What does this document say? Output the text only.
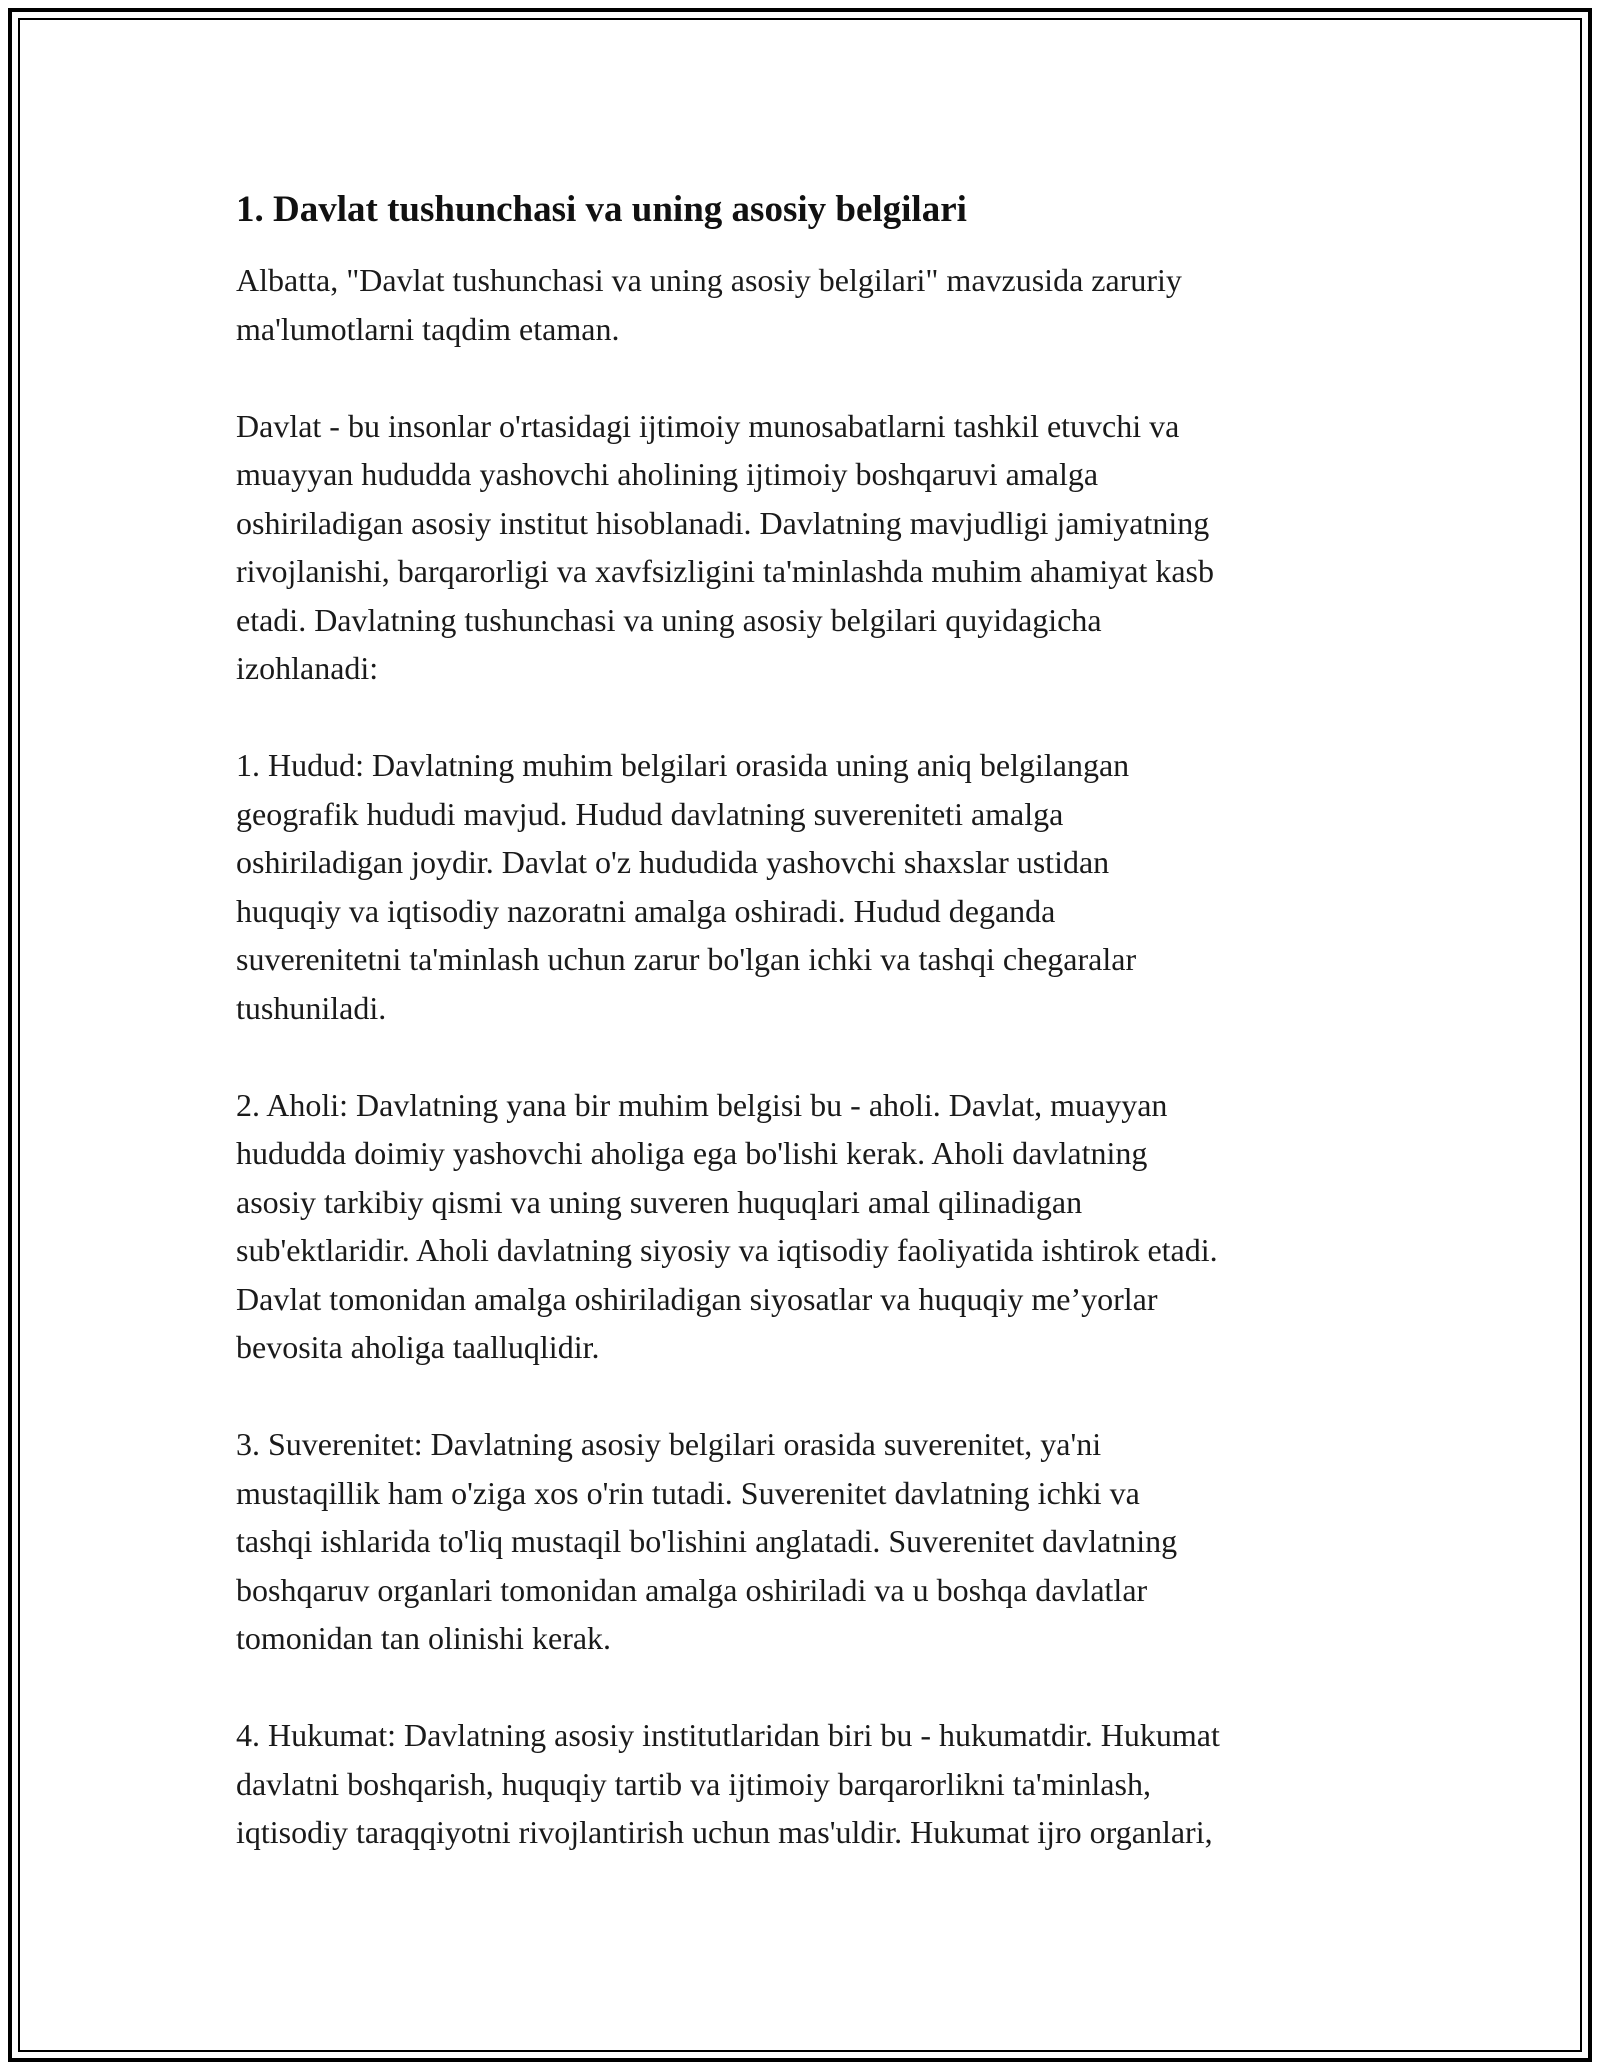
1. Davlat tushunchasi va uning asosiy belgilari
Albatta, "Davlat tushunchasi va uning asosiy belgilari" mavzusida zaruriy
ma'lumotlarni taqdim etaman.
Davlat - bu insonlar o'rtasidagi ijtimoiy munosabatlarni tashkil etuvchi va
muayyan hududda yashovchi aholining ijtimoiy boshqaruvi amalga
oshiriladigan asosiy institut hisoblanadi. Davlatning mavjudligi jamiyatning
rivojlanishi, barqarorligi va xavfsizligini ta'minlashda muhim ahamiyat kasb
etadi. Davlatning tushunchasi va uning asosiy belgilari quyidagicha
izohlanadi:
1. Hudud: Davlatning muhim belgilari orasida uning aniq belgilangan
geografik hududi mavjud. Hudud davlatning suvereniteti amalga
oshiriladigan joydir. Davlat o'z hududida yashovchi shaxslar ustidan
huquqiy va iqtisodiy nazoratni amalga oshiradi. Hudud deganda
suverenitetni ta'minlash uchun zarur bo'lgan ichki va tashqi chegaralar
tushuniladi.
2. Aholi: Davlatning yana bir muhim belgisi bu - aholi. Davlat, muayyan
hududda doimiy yashovchi aholiga ega bo'lishi kerak. Aholi davlatning
asosiy tarkibiy qismi va uning suveren huquqlari amal qilinadigan
sub'ektlaridir. Aholi davlatning siyosiy va iqtisodiy faoliyatida ishtirok etadi.
Davlat tomonidan amalga oshiriladigan siyosatlar va huquqiy me’yorlar
bevosita aholiga taalluqlidir.
3. Suverenitet: Davlatning asosiy belgilari orasida suverenitet, ya'ni
mustaqillik ham o'ziga xos o'rin tutadi. Suverenitet davlatning ichki va
tashqi ishlarida to'liq mustaqil bo'lishini anglatadi. Suverenitet davlatning
boshqaruv organlari tomonidan amalga oshiriladi va u boshqa davlatlar
tomonidan tan olinishi kerak.
4. Hukumat: Davlatning asosiy institutlaridan biri bu - hukumatdir. Hukumat
davlatni boshqarish, huquqiy tartib va ijtimoiy barqarorlikni ta'minlash,
iqtisodiy taraqqiyotni rivojlantirish uchun mas'uldir. Hukumat ijro organlari,
